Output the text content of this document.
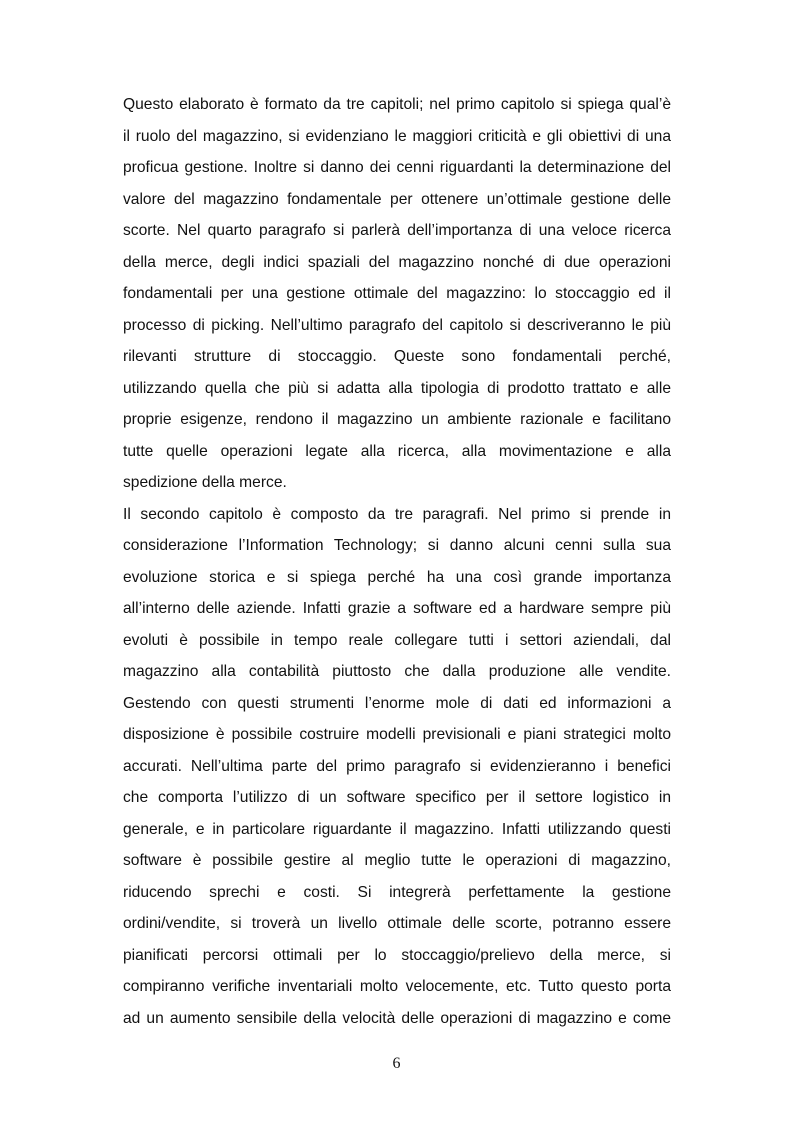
Questo elaborato è formato da tre capitoli; nel primo capitolo si spiega qual’è
il ruolo del magazzino, si evidenziano le maggiori criticità e gli obiettivi di una
proficua gestione. Inoltre si danno dei cenni riguardanti la determinazione del
valore del magazzino fondamentale per ottenere un’ottimale gestione delle
scorte. Nel quarto paragrafo si parlerà dell’importanza di una veloce ricerca
della merce, degli indici spaziali del magazzino nonché di due operazioni
fondamentali per una gestione ottimale del magazzino: lo stoccaggio ed il
processo di picking. Nell’ultimo paragrafo del capitolo si descriveranno le più
rilevanti strutture di stoccaggio. Queste sono fondamentali perché,
utilizzando quella che più si adatta alla tipologia di prodotto trattato e alle
proprie esigenze, rendono il magazzino un ambiente razionale e facilitano
tutte quelle operazioni legate alla ricerca, alla movimentazione e alla
spedizione della merce.
Il secondo capitolo è composto da tre paragrafi. Nel primo si prende in
considerazione l’Information Technology; si danno alcuni cenni sulla sua
evoluzione storica e si spiega perché ha una così grande importanza
all’interno delle aziende. Infatti grazie a software ed a hardware sempre più
evoluti è possibile in tempo reale collegare tutti i settori aziendali, dal
magazzino alla contabilità piuttosto che dalla produzione alle vendite.
Gestendo con questi strumenti l’enorme mole di dati ed informazioni a
disposizione è possibile costruire modelli previsionali e piani strategici molto
accurati. Nell’ultima parte del primo paragrafo si evidenzieranno i benefici
che comporta l’utilizzo di un software specifico per il settore logistico in
generale, e in particolare riguardante il magazzino. Infatti utilizzando questi
software è possibile gestire al meglio tutte le operazioni di magazzino,
riducendo sprechi e costi. Si integrerà perfettamente la gestione
ordini/vendite, si troverà un livello ottimale delle scorte, potranno essere
pianificati percorsi ottimali per lo stoccaggio/prelievo della merce, si
compiranno verifiche inventariali molto velocemente, etc. Tutto questo porta
ad un aumento sensibile della velocità delle operazioni di magazzino e come
6
